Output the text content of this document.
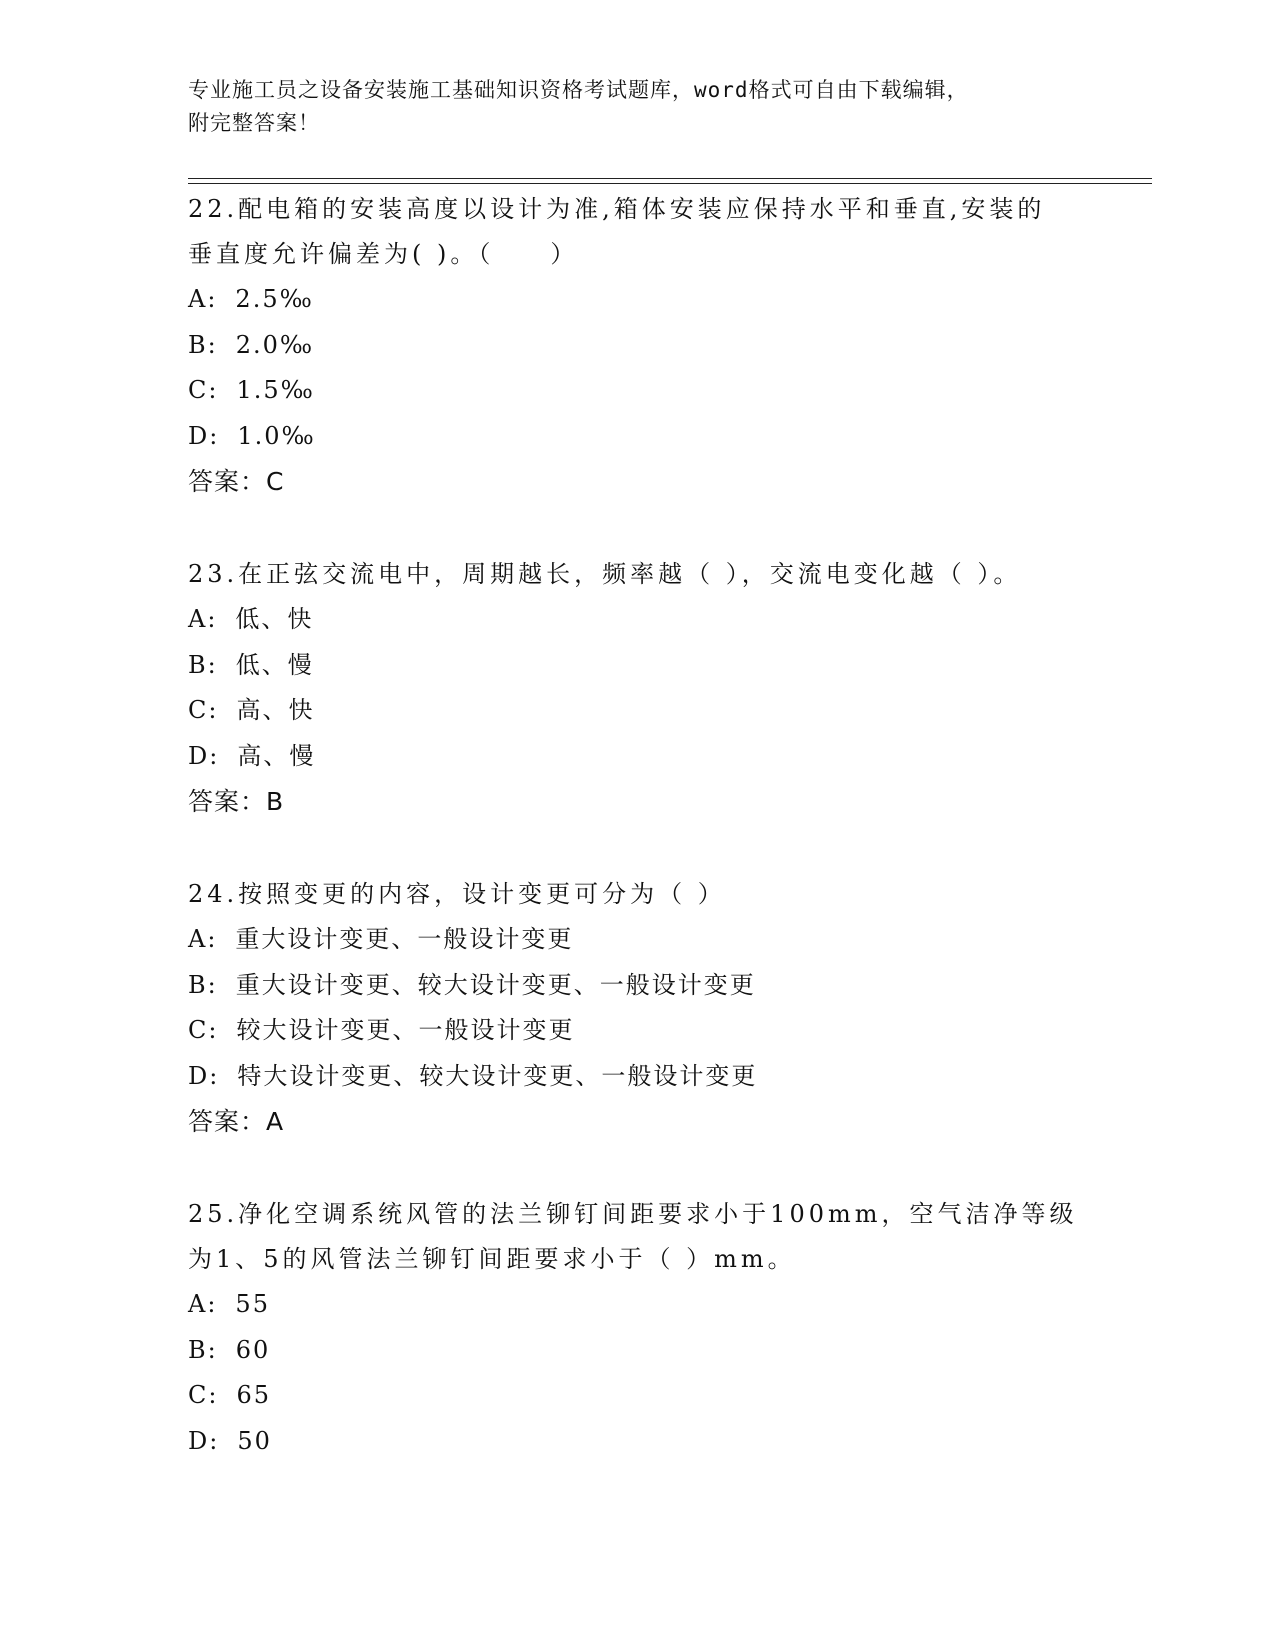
专业施工员之设备安装施工基础知识资格考试题库，word格式可自由下载编辑，
附完整答案！

22.配电箱的安装高度以设计为准,箱体安装应保持水平和垂直,安装的

垂直度允许偏差为( )。（　　）

A: 2.5‰

B: 2.0‰

C: 1.5‰

D: 1.0‰

答案：C

23.在正弦交流电中，周期越长，频率越（ ），交流电变化越（ ）。

A: 低、快

B: 低、慢

C: 高、快

D: 高、慢

答案：B

24.按照变更的内容，设计变更可分为（ ）

A: 重大设计变更、一般设计变更

B: 重大设计变更、较大设计变更、一般设计变更

C: 较大设计变更、一般设计变更

D: 特大设计变更、较大设计变更、一般设计变更

答案：A

25.净化空调系统风管的法兰铆钉间距要求小于100mm，空气洁净等级

为1、5的风管法兰铆钉间距要求小于（ ）mm。

A: 55

B: 60

C: 65

D: 50
